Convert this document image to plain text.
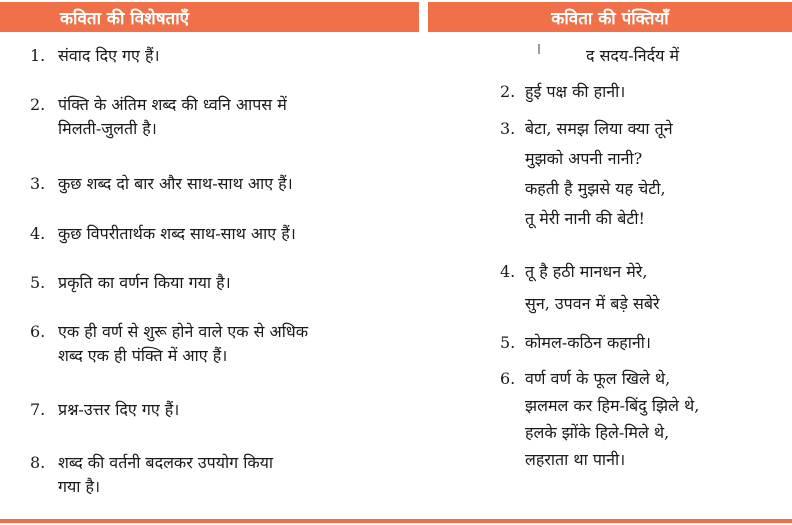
कविता की विशेषताएँ	कविता की पंक्तियाँ
1. संवाद दिए गए हैं।
2. पंक्ति के अंतिम शब्द की ध्वनि आपस में
मिलती-जुलती है।
3. कुछ शब्द दो बार और साथ-साथ आए हैं।
4. कुछ विपरीतार्थक शब्द साथ-साथ आए हैं।
5. प्रकृति का वर्णन किया गया है।
6. एक ही वर्ण से शुरू होने वाले एक से अधिक
शब्द एक ही पंक्ति में आए हैं।
7. प्रश्न-उत्तर दिए गए हैं।
8. शब्द की वर्तनी बदलकर उपयोग किया
गया है।
द सदय-निर्दय में
2. हुई पक्ष की हानी।
3. बेटा, समझ लिया क्या तूने
मुझको अपनी नानी?
कहती है मुझसे यह चेटी,
तू मेरी नानी की बेटी!
4. तू है हठी मानधन मेरे,
सुन, उपवन में बड़े सबेरे
5. कोमल-कठिन कहानी।
6. वर्ण वर्ण के फूल खिले थे,
झलमल कर हिम-बिंदु झिले थे,
हलके झोंके हिले-मिले थे,
लहराता था पानी।
